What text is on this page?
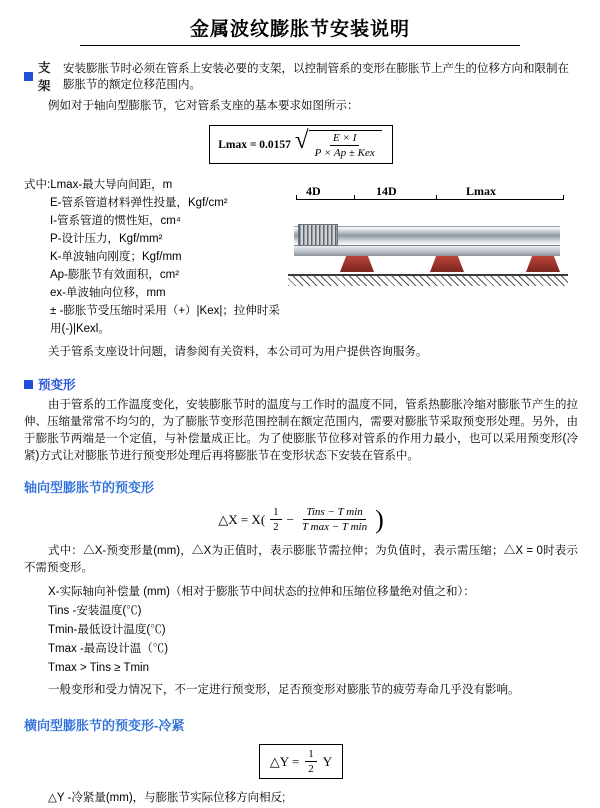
金属波纹膨胀节安装说明
支架
安装膨胀节时必须在管系上安装必要的支架，以控制管系的变形在膨胀节上产生的位移方向和限制在膨胀节的额定位移范围内。

例如对于轴向型膨胀节，它对管系支座的基本要求如图所示：

Lmax = 0.0157 √ $\frac{E \times I}{\text{P × Ap ± Kex}}$
式中:Lmax-最大导向间距，m
E-管系管道材料弹性投量，Kgf/cm²
I-管系管道的惯性矩，cm⁴
P-设计压力，Kgf/mm²
K-单波轴向刚度；Kgf/mm
Ap-膨胀节有效面积，cm²
ex-单波轴向位移，mm
± -膨胀节受压缩时采用（+）|Kex|；拉伸时采用(-)|Kexl。
4D	14D	Lmax

关于管系支座设计问题，请参阅有关资料，本公司可为用户提供咨询服务。

预变形

由于管系的工作温度变化，安装膨胀节时的温度与工作时的温度不同，管系热膨胀冷缩对膨胀节产生的拉伸、压缩量常常不均匀的，为了膨胀节变形范围控制在额定范围内，需要对膨胀节采取预变形处理。另外，由于膨胀节两端是一个定值，与补偿量成正比。为了使膨胀节位移对管系的作用力最小，也可以采用预变形(冷紧)方式让对膨胀节进行预变形处理后再将膨胀节在变形状态下安装在管系中。

轴向型膨胀节的预变形
△X = $X( \frac{1}{2} - \frac{\text{Tins − T min}}{\text{T max − T min}}$ )

式中：△X-预变形量(mm)，△X为正值时，表示膨胀节需拉伸；为负值时，表示需压缩；△X = 0时表示不需预变形。

X-实际轴向补偿量 (mm)（相对于膨胀节中间状态的拉伸和压缩位移量绝对值之和）：
Tins -安装温度(℃)
Tmin-最低设计温度(℃)
Tmax -最高设计温（℃)
Tmax > Tins ≥ Tmin

一般变形和受力情况下，不一定进行预变形，足否预变形对膨胀节的疲劳寿命几乎没有影响。

横向型膨胀节的预变形-冷紧
△Y = $\frac{1}{2}$ Y
△Y -冷紧量(mm)，与膨胀节实际位移方向相反;
